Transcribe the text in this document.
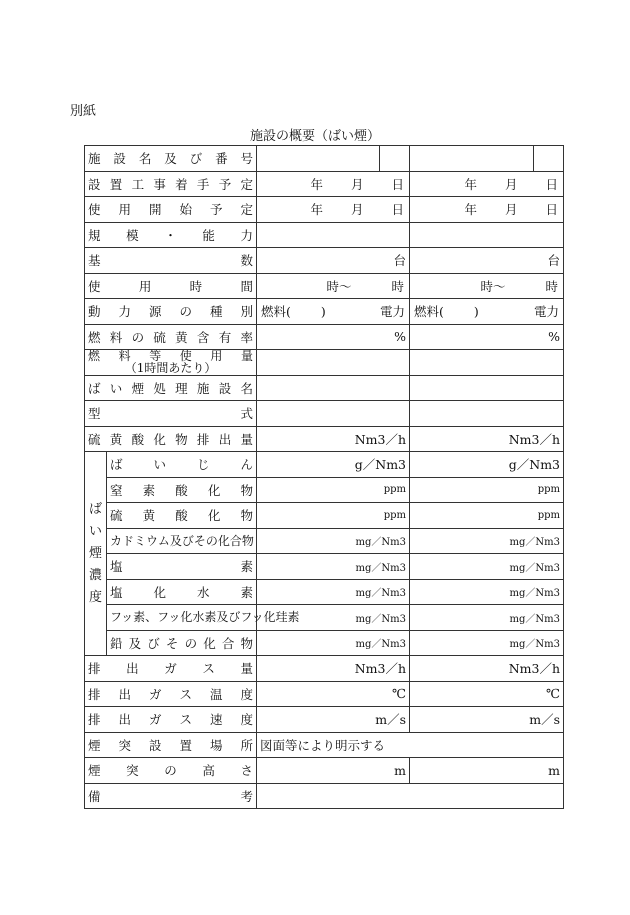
別紙
施設の概要（ばい煙）
施設名及び番号		

設置工事着手予定		年 月 日	年 月 日

使用開始予定		年 月 日	年 月 日

規模・能力			
基数		台	台
使用時間		時～ 時	時～ 時

動力源の種別		燃料( ) 電力	燃料( ) 電力

燃料の硫黄含有率		%	%

燃料等使用量
（1時間あたり）			

ばい煙処理施設名			
型式			
硫黄酸化物排出量		Nm3／h	Nm3／h

ば
い
煙
濃
度	ばいじん	g／Nm3	g／Nm3
	窒素酸化物	ppm	ppm
	硫黄酸化物	ppm	ppm
	カドミウム及びその化合物	mg／Nm3	mg／Nm3
	塩素	mg／Nm3	mg／Nm3
	塩化水素	mg／Nm3	mg／Nm3
	フッ素、フッ化水素及びフッ化珪素	mg／Nm3	mg／Nm3
	鉛及びその化合物	mg／Nm3	mg／Nm3
排出ガス量		Nm3／h	Nm3／h
排出ガス温度		℃	℃
排出ガス速度		m／s	m／s
煙突設置場所		図面等により明示する	
煙突の高さ		m	m
備考			
